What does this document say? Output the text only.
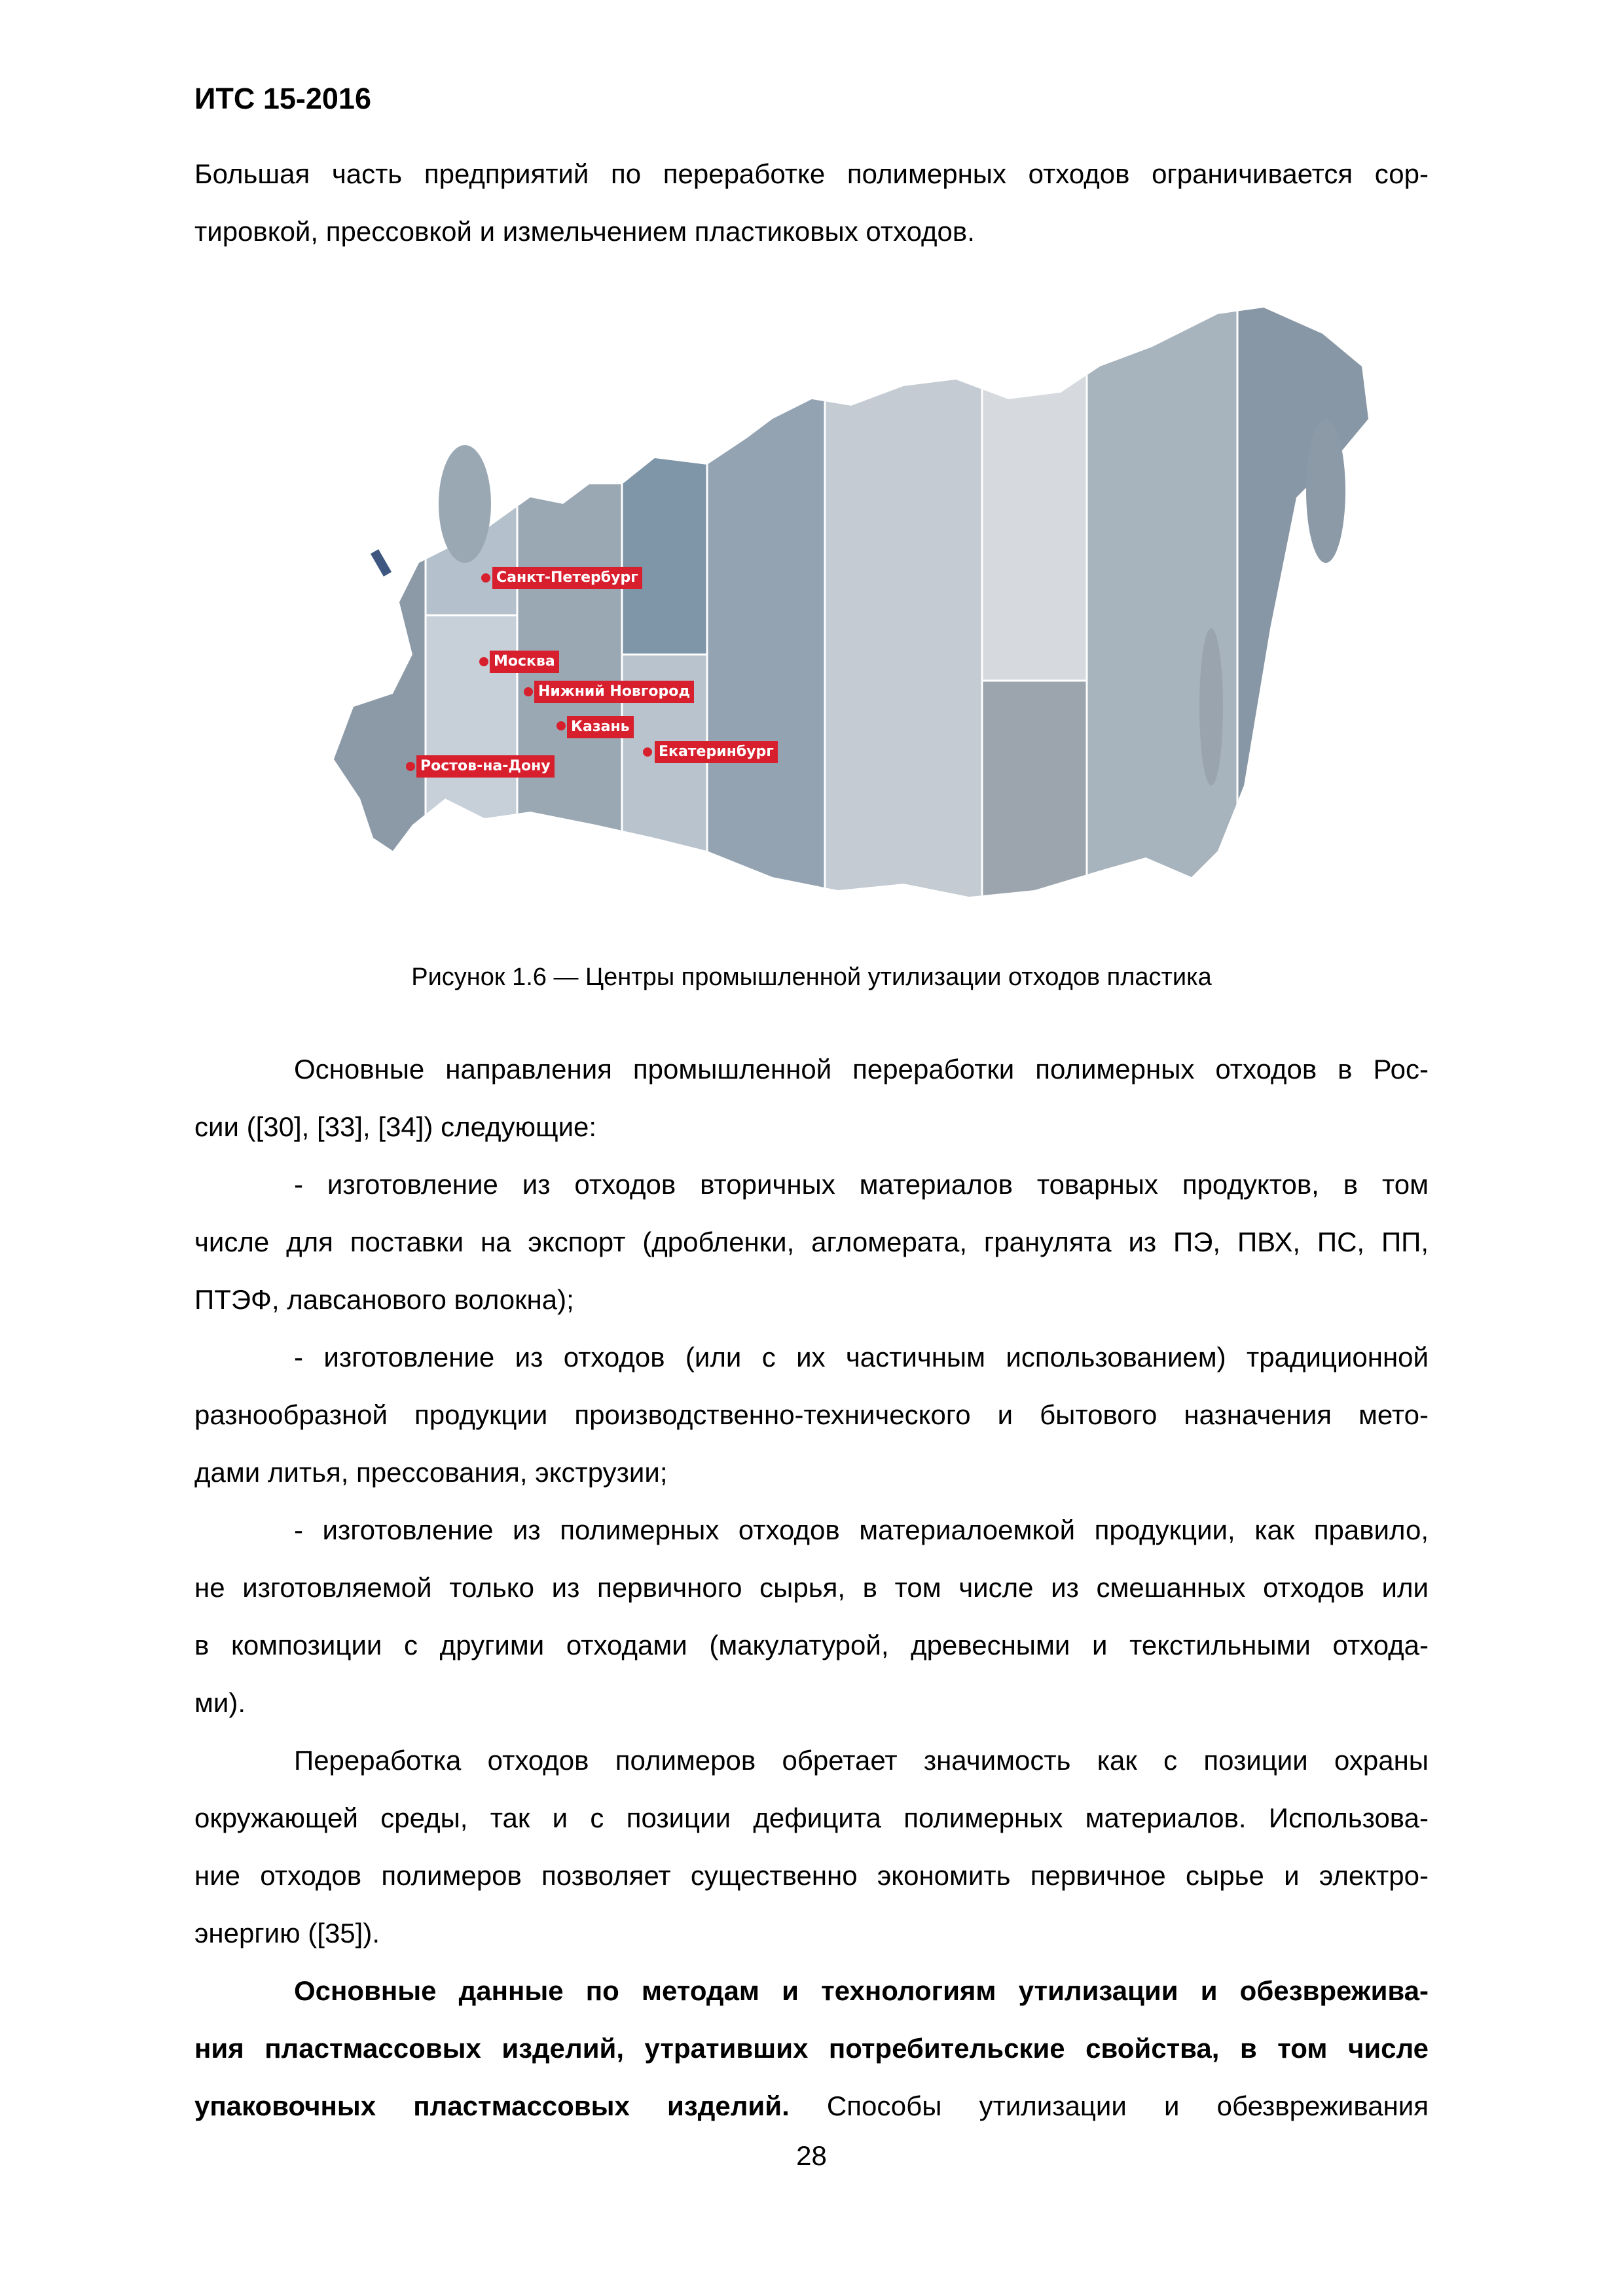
ИТС 15-2016
Большая часть предприятий по переработке полимерных отходов ограничивается сор-
тировкой, прессовкой и измельчением пластиковых отходов.
Санкт-Петербург
Москва
Нижний Новгород
Казань
Екатеринбург
Ростов-на-Дону
Рисунок 1.6 — Центры промышленной утилизации отходов пластика
Основные направления промышленной переработки полимерных отходов в Рос-
сии ([30], [33], [34]) следующие:
- изготовление из отходов вторичных материалов товарных продуктов, в том
числе для поставки на экспорт (дробленки, агломерата, гранулята из ПЭ, ПВХ, ПС, ПП,
ПТЭФ, лавсанового волокна);
- изготовление из отходов (или с их частичным использованием) традиционной
разнообразной продукции производственно-технического и бытового назначения мето-
дами литья, прессования, экструзии;
- изготовление из полимерных отходов материалоемкой продукции, как правило,
не изготовляемой только из первичного сырья, в том числе из смешанных отходов или
в композиции с другими отходами (макулатурой, древесными и текстильными отхода-
ми).
Переработка отходов полимеров обретает значимость как с позиции охраны
окружающей среды, так и с позиции дефицита полимерных материалов. Использова-
ние отходов полимеров позволяет существенно экономить первичное сырье и электро-
энергию ([35]).
Основные данные по методам и технологиям утилизации и обезврежива-
ния пластмассовых изделий, утративших потребительские свойства, в том числе
упаковочных пластмассовых изделий. Способы утилизации и обезвреживания
28
